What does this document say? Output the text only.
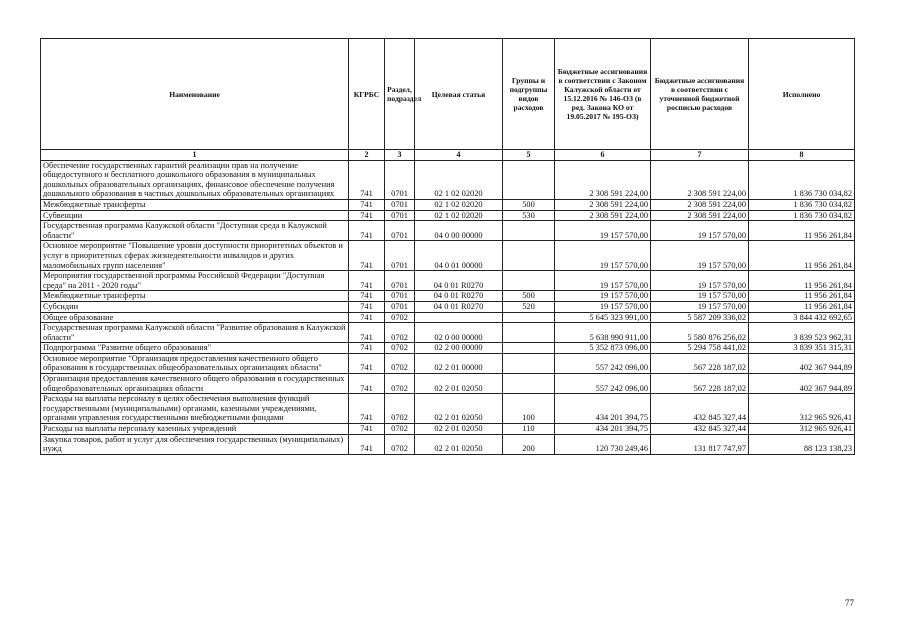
Наименование	КГРБС	Раздел, подраздел	Целевая статья	Группы и подгруппы видов расходов	Бюджетные ассигнования в соответствии с Законом Калужской области от 15.12.2016 № 146-ОЗ (в ред. Закона КО от 19.05.2017 № 195-ОЗ)	Бюджетные ассигнования в соответствии с уточненной бюджетной росписью расходов	Исполнено
1	2	3	4	5	6	7	8
Обеспечение государственных гарантий реализации прав на получение общедоступного и бесплатного дошкольного образования в муниципальных дошкольных образовательных организациях, финансовое обеспечение получения дошкольного образования в частных дошкольных образовательных организациях	741	0701	02 1 02 02020		2 308 591 224,00	2 308 591 224,00	1 836 730 034,82
Межбюджетные трансферты	741	0701	02 1 02 02020	500	2 308 591 224,00	2 308 591 224,00	1 836 730 034,82
Субвенции	741	0701	02 1 02 02020	530	2 308 591 224,00	2 308 591 224,00	1 836 730 034,82
Государственная программа Калужской области "Доступная среда в Калужской области"	741	0701	04 0 00 00000		19 157 570,00	19 157 570,00	11 956 261,84
Основное мероприятие "Повышение уровня доступности приоритетных объектов и услуг в приоритетных сферах жизнедеятельности инвалидов и других маломобильных групп населения"	741	0701	04 0 01 00000		19 157 570,00	19 157 570,00	11 956 261,84
Мероприятия государственной программы Российской Федерации "Доступная среда" на 2011 - 2020 годы"	741	0701	04 0 01 R0270		19 157 570,00	19 157 570,00	11 956 261,84
Межбюджетные трансферты	741	0701	04 0 01 R0270	500	19 157 570,00	19 157 570,00	11 956 261,84
Субсидии	741	0701	04 0 01 R0270	520	19 157 570,00	19 157 570,00	11 956 261,84
Общее образование	741	0702			5 645 323 991,00	5 587 209 336,02	3 844 432 692,65
Государственная программа Калужской области "Развитие образования в Калужской области"	741	0702	02 0 00 00000		5 638 990 911,00	5 580 876 256,02	3 839 523 962,31
Подпрограмма "Развитие общего образования"	741	0702	02 2 00 00000		5 352 873 096,00	5 294 758 441,02	3 839 351 315,31
Основное мероприятие "Организация предоставления качественного общего образования в государственных общеобразовательных организациях области"	741	0702	02 2 01 00000		557 242 096,00	567 228 187,02	402 367 944,89
Организация предоставления качественного общего образования в государственных общеобразовательных организациях области	741	0702	02 2 01 02050		557 242 096,00	567 228 187,02	402 367 944,89
Расходы на выплаты персоналу в целях обеспечения выполнения функций государственными (муниципальными) органами, казенными учреждениями, органами управления государственными внебюджетными фондами	741	0702	02 2 01 02050	100	434 201 394,75	432 845 327,44	312 965 926,41
Расходы на выплаты персоналу казенных учреждений	741	0702	02 2 01 02050	110	434 201 394,75	432 845 327,44	312 965 926,41
Закупка товаров, работ и услуг для обеспечения государственных (муниципальных) нужд	741	0702	02 2 01 02050	200	120 730 249,46	131 817 747,97	88 123 138,23
77
